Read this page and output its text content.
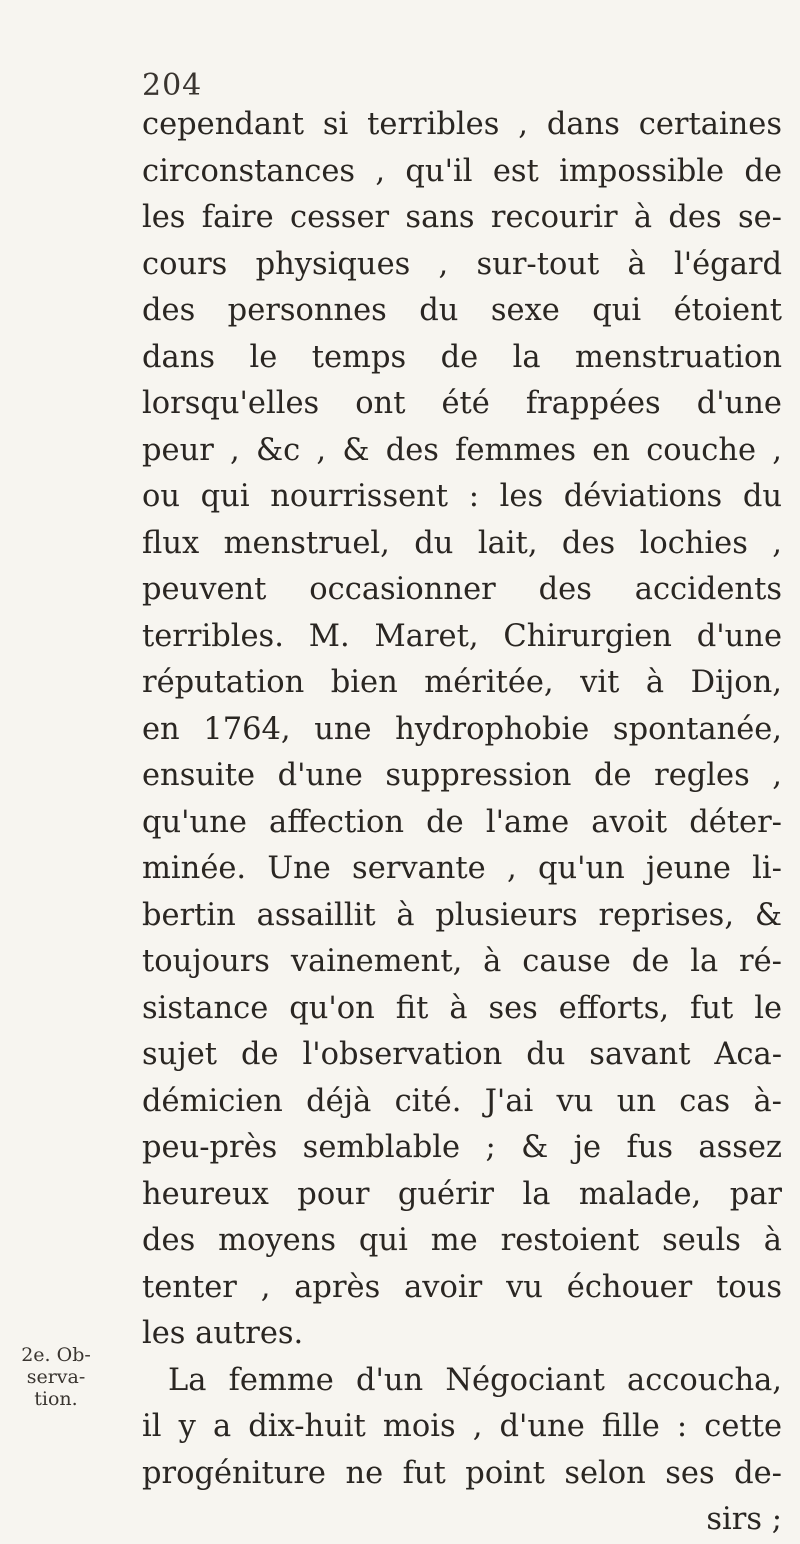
204
cependant si terribles , dans certaines
circonstances , qu'il est impossible de
les faire cesser sans recourir à des se-
cours physiques , sur-tout à l'égard
des personnes du sexe qui étoient
dans le temps de la menstruation
lorsqu'elles ont été frappées d'une
peur , &c , & des femmes en couche ,
ou qui nourrissent : les déviations du
flux menstruel, du lait, des lochies ,
peuvent occasionner des accidents
terribles. M. Maret, Chirurgien d'une
réputation bien méritée, vit à Dijon,
en 1764, une hydrophobie spontanée,
ensuite d'une suppression de regles ,
qu'une affection de l'ame avoit déter-
minée. Une servante , qu'un jeune li-
bertin assaillit à plusieurs reprises, &
toujours vainement, à cause de la ré-
sistance qu'on fit à ses efforts, fut le
sujet de l'observation du savant Aca-
démicien déjà cité. J'ai vu un cas à-
peu-près semblable ; & je fus assez
heureux pour guérir la malade, par
des moyens qui me restoient seuls à
tenter , après avoir vu échouer tous
les autres.
La femme d'un Négociant accoucha,
il y a dix-huit mois , d'une fille : cette
progéniture ne fut point selon ses de-
sirs ;
2e. Ob-
serva-
tion.
